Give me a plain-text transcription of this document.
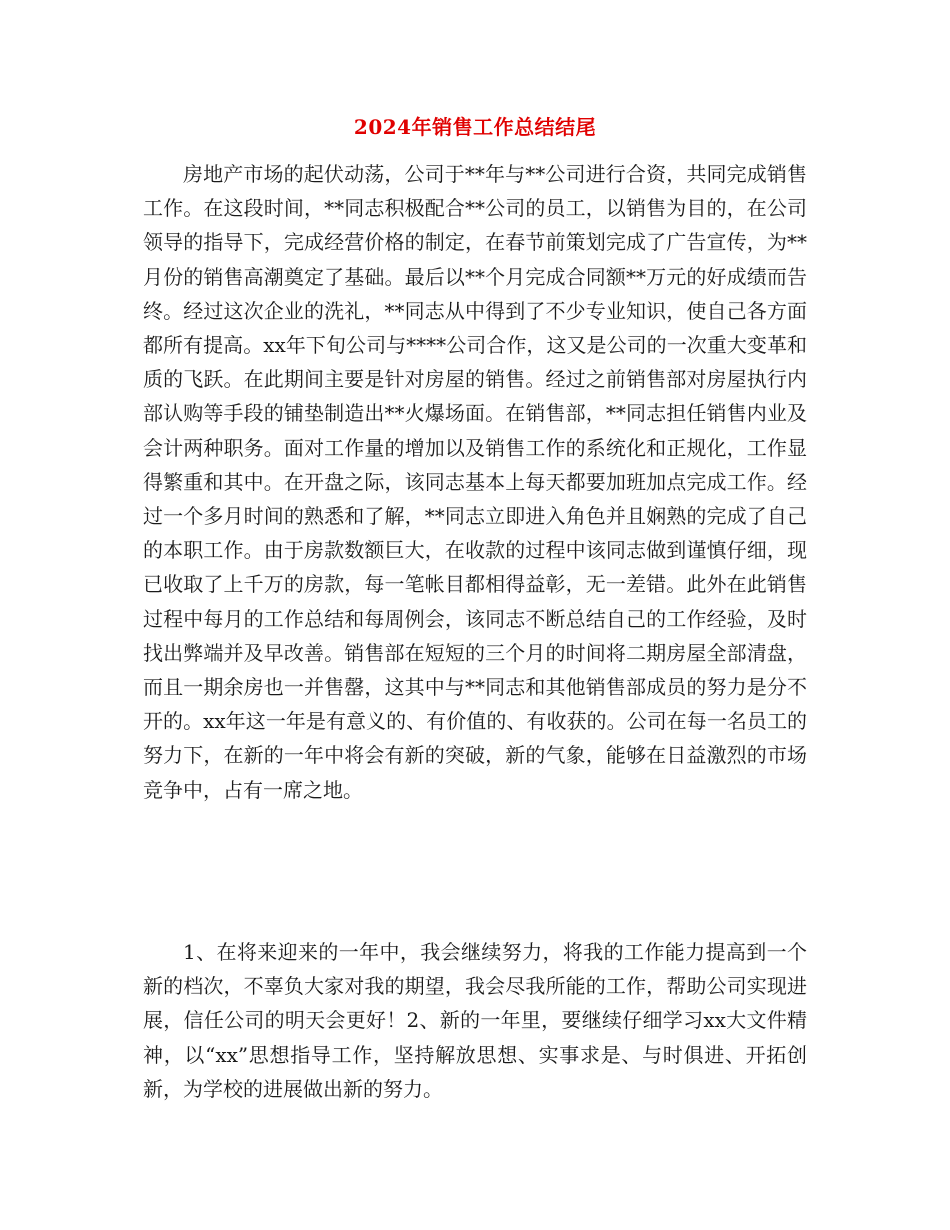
2024年销售工作总结结尾

房地产市场的起伏动荡，公司于**年与**公司进行合资，共同完成销售工作。在这段时间，**同志积极配合**公司的员工，以销售为目的，在公司领导的指导下，完成经营价格的制定，在春节前策划完成了广告宣传，为**月份的销售高潮奠定了基础。最后以**个月完成合同额**万元的好成绩而告终。经过这次企业的洗礼，**同志从中得到了不少专业知识，使自己各方面都所有提高。xx年下旬公司与****公司合作，这又是公司的一次重大变革和质的飞跃。在此期间主要是针对房屋的销售。经过之前销售部对房屋执行内部认购等手段的铺垫制造出**火爆场面。在销售部，**同志担任销售内业及会计两种职务。面对工作量的增加以及销售工作的系统化和正规化，工作显得繁重和其中。在开盘之际，该同志基本上每天都要加班加点完成工作。经过一个多月时间的熟悉和了解，**同志立即进入角色并且娴熟的完成了自己的本职工作。由于房款数额巨大，在收款的过程中该同志做到谨慎仔细，现已收取了上千万的房款，每一笔帐目都相得益彰，无一差错。此外在此销售过程中每月的工作总结和每周例会，该同志不断总结自己的工作经验，及时找出弊端并及早改善。销售部在短短的三个月的时间将二期房屋全部清盘，而且一期余房也一并售罄，这其中与**同志和其他销售部成员的努力是分不开的。xx年这一年是有意义的、有价值的、有收获的。公司在每一名员工的努力下，在新的一年中将会有新的突破，新的气象，能够在日益激烈的市场竞争中，占有一席之地。

1、在将来迎来的一年中，我会继续努力，将我的工作能力提高到一个新的档次，不辜负大家对我的期望，我会尽我所能的工作，帮助公司实现进展，信任公司的明天会更好！2、新的一年里，要继续仔细学习xx大文件精神，以“xx”思想指导工作，坚持解放思想、实事求是、与时俱进、开拓创新，为学校的进展做出新的努力。
